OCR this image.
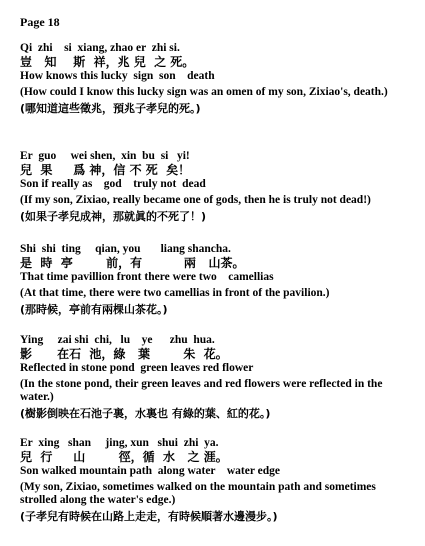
Page 18
Qi  zhi    si  xiang, zhao er  zhi si.
豈   知    斯  祥，兆 兒  之 死。
How knows this lucky  sign  son    death
(How could I know this lucky sign was an omen of my son, Zixiao's, death.)
(哪知道這些徵兆，預兆子孝兒的死。)
Er  guo     wei shen,  xin  bu  si   yi!
兒  果     爲 神，信 不 死  矣！
Son if really as    god    truly not  dead
(If my son, Zixiao, really became one of gods, then he is truly not dead!)
(如果子孝兒成神，那就眞的不死了！)
Shi  shi  ting     qian, you       liang shancha.
是  時  亭        前，有          兩   山茶。
That time pavillion front there were two    camellias
(At that time, there were two camellias in front of the pavilion.)
(那時候，亭前有兩棵山茶花。)
Ying     zai shi  chi,   lu    ye      zhu  hua.
影      在石  池，綠   葉        朱  花。
Reflected in stone pond  green leaves red flower
(In the stone pond, their green leaves and red flowers were reflected in the water.)
(樹影倒映在石池子裏，水裏也 有綠的葉、紅的花。)
Er  xing   shan     jing, xun   shui  zhi  ya.
兒  行     山        徑，循  水   之 涯。
Son walked mountain path  along water    water edge
(My son, Zixiao, sometimes walked on the mountain path and sometimes strolled along the water's edge.)
(子孝兒有時候在山路上走走，有時候順著水邊漫步。)
